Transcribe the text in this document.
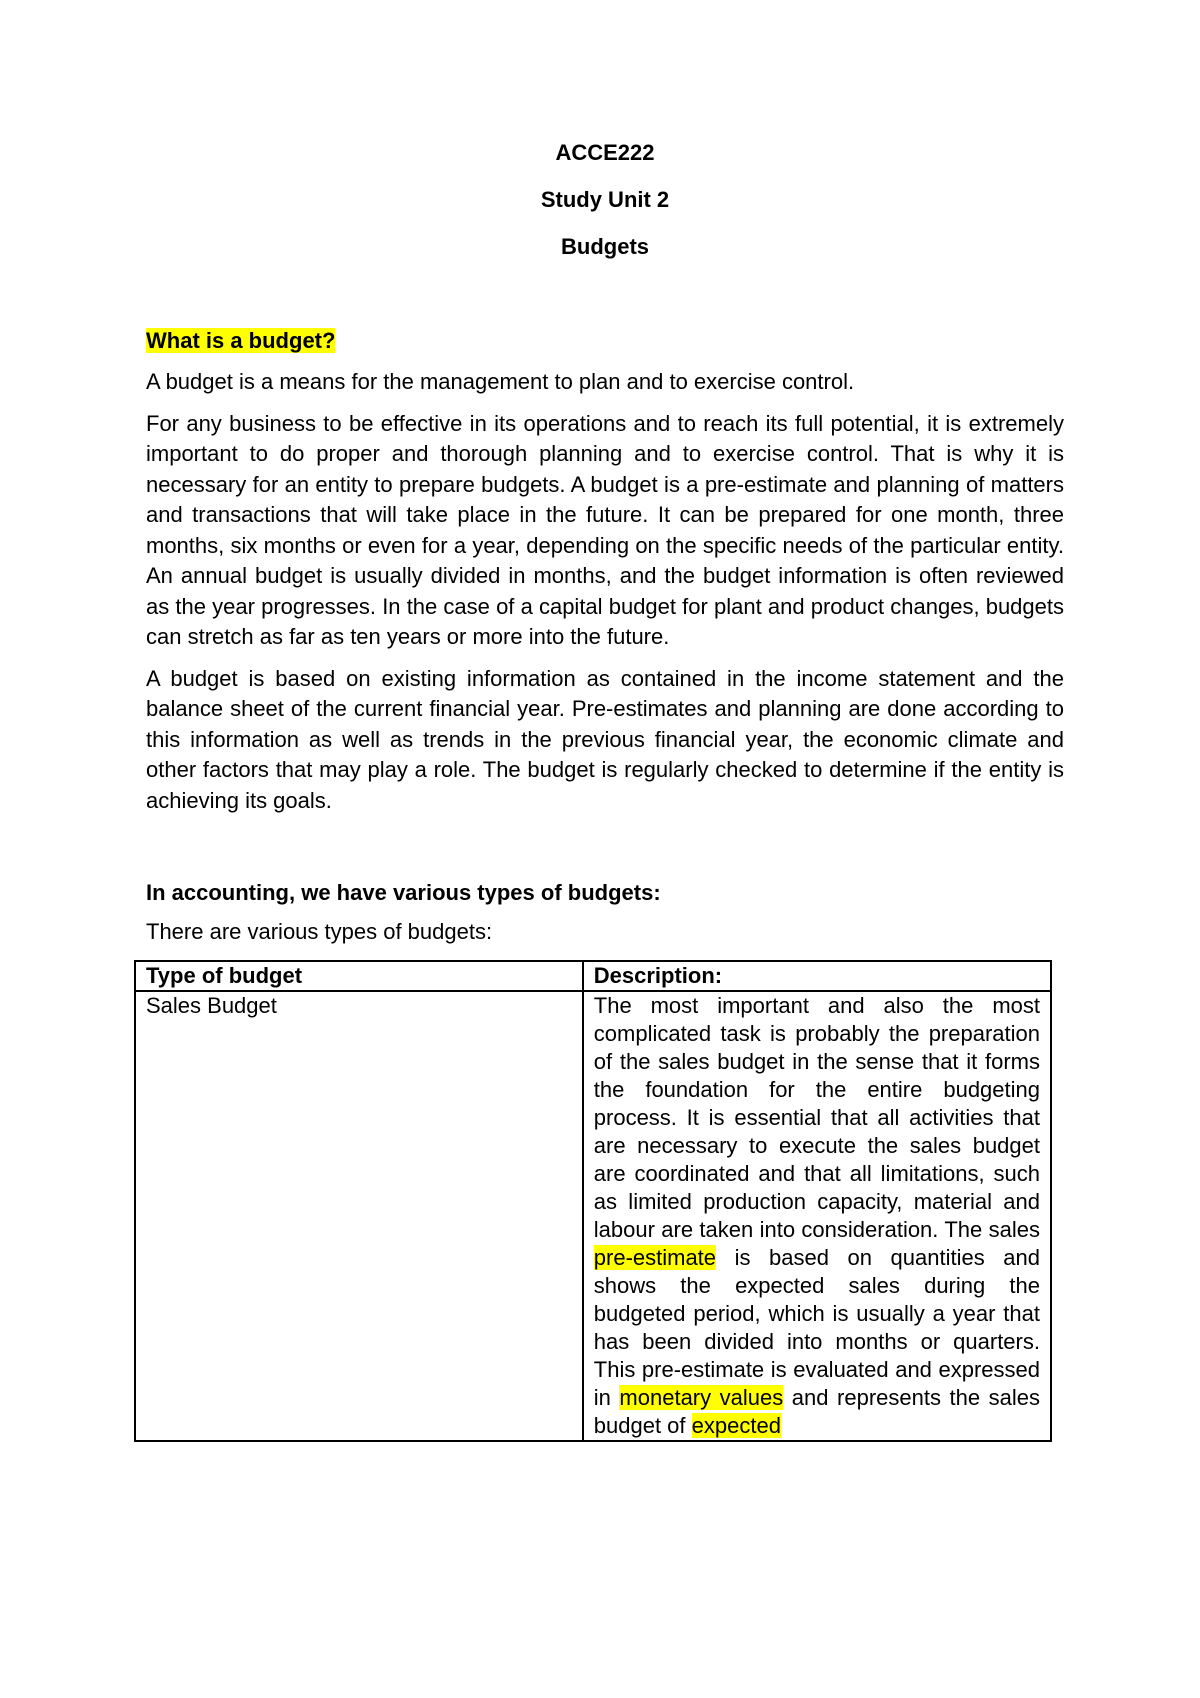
ACCE222
Study Unit 2
Budgets

What is a budget?

A budget is a means for the management to plan and to exercise control.

For any business to be effective in its operations and to reach its full potential, it is extremely important to do proper and thorough planning and to exercise control. That is why it is necessary for an entity to prepare budgets. A budget is a pre-estimate and planning of matters and transactions that will take place in the future. It can be prepared for one month, three months, six months or even for a year, depending on the specific needs of the particular entity. An annual budget is usually divided in months, and the budget information is often reviewed as the year progresses. In the case of a capital budget for plant and product changes, budgets can stretch as far as ten years or more into the future.

A budget is based on existing information as contained in the income statement and the balance sheet of the current financial year. Pre-estimates and planning are done according to this information as well as trends in the previous financial year, the economic climate and other factors that may play a role. The budget is regularly checked to determine if the entity is achieving its goals.

In accounting, we have various types of budgets:

There are various types of budgets:

Type of budget	Description:
Sales Budget	The most important and also the most complicated task is probably the preparation of the sales budget in the sense that it forms the foundation for the entire budgeting process. It is essential that all activities that are necessary to execute the sales budget are coordinated and that all limitations, such as limited production capacity, material and labour are taken into consideration. The sales pre-estimate is based on quantities and shows the expected sales during the budgeted period, which is usually a year that has been divided into months or quarters. This pre-estimate is evaluated and expressed in monetary values and represents the sales budget of expected
